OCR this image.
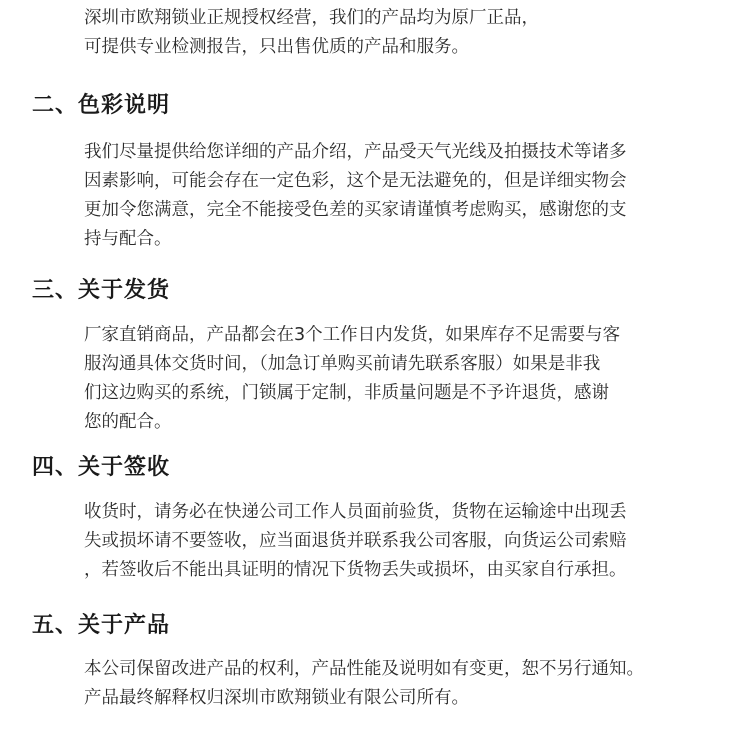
深圳市欧翔锁业正规授权经营，我们的产品均为原厂正品，
可提供专业检测报告，只出售优质的产品和服务。
二、色彩说明
我们尽量提供给您详细的产品介绍，产品受天气光线及拍摄技术等诸多
因素影响，可能会存在一定色彩，这个是无法避免的，但是详细实物会
更加令您满意，完全不能接受色差的买家请谨慎考虑购买，感谢您的支
持与配合。
三、关于发货
厂家直销商品，产品都会在3个工作日内发货，如果库存不足需要与客
服沟通具体交货时间，（加急订单购买前请先联系客服）如果是非我
们这边购买的系统，门锁属于定制，非质量问题是不予许退货，感谢
您的配合。
四、关于签收
收货时，请务必在快递公司工作人员面前验货，货物在运输途中出现丢
失或损坏请不要签收，应当面退货并联系我公司客服，向货运公司索赔
，若签收后不能出具证明的情况下货物丢失或损坏，由买家自行承担。
五、关于产品
本公司保留改进产品的权利，产品性能及说明如有变更，恕不另行通知。
产品最终解释权归深圳市欧翔锁业有限公司所有。
